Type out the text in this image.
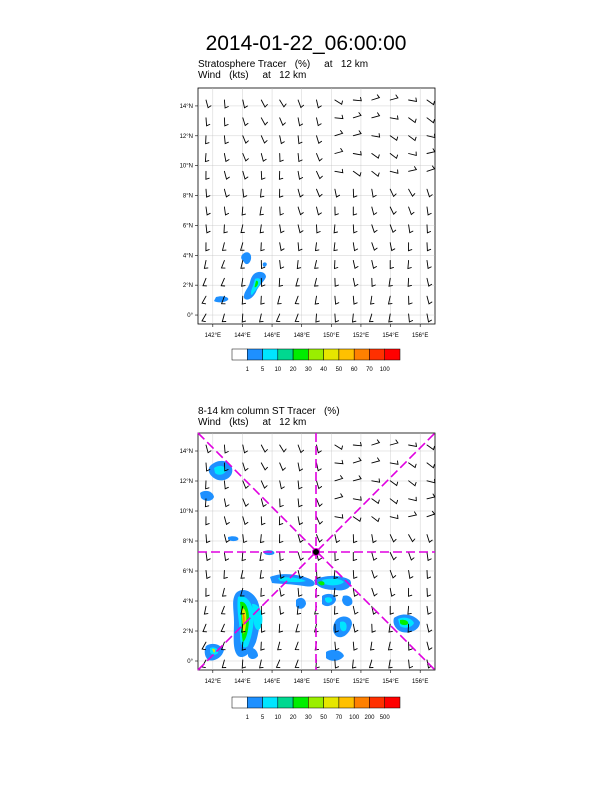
2014-01-22_06:00:00
Stratosphere Tracer   (%)     at   12 km
Wind   (kts)     at   12 km
8-14 km column ST Tracer   (%)
Wind   (kts)     at   12 km
142°E 144°E 146°E 148°E 150°E 152°E 154°E 156°E
0°
2°N
4°N
6°N
8°N
10°N
12°N
14°N
142°E 144°E 146°E 148°E 150°E 152°E 154°E 156°E
0°
2°N
4°N
6°N
8°N
10°N
12°N
14°N
1 5 10 20 30 40 50 60 70 100
1 5 10 20 30 50 70 100 200 500
